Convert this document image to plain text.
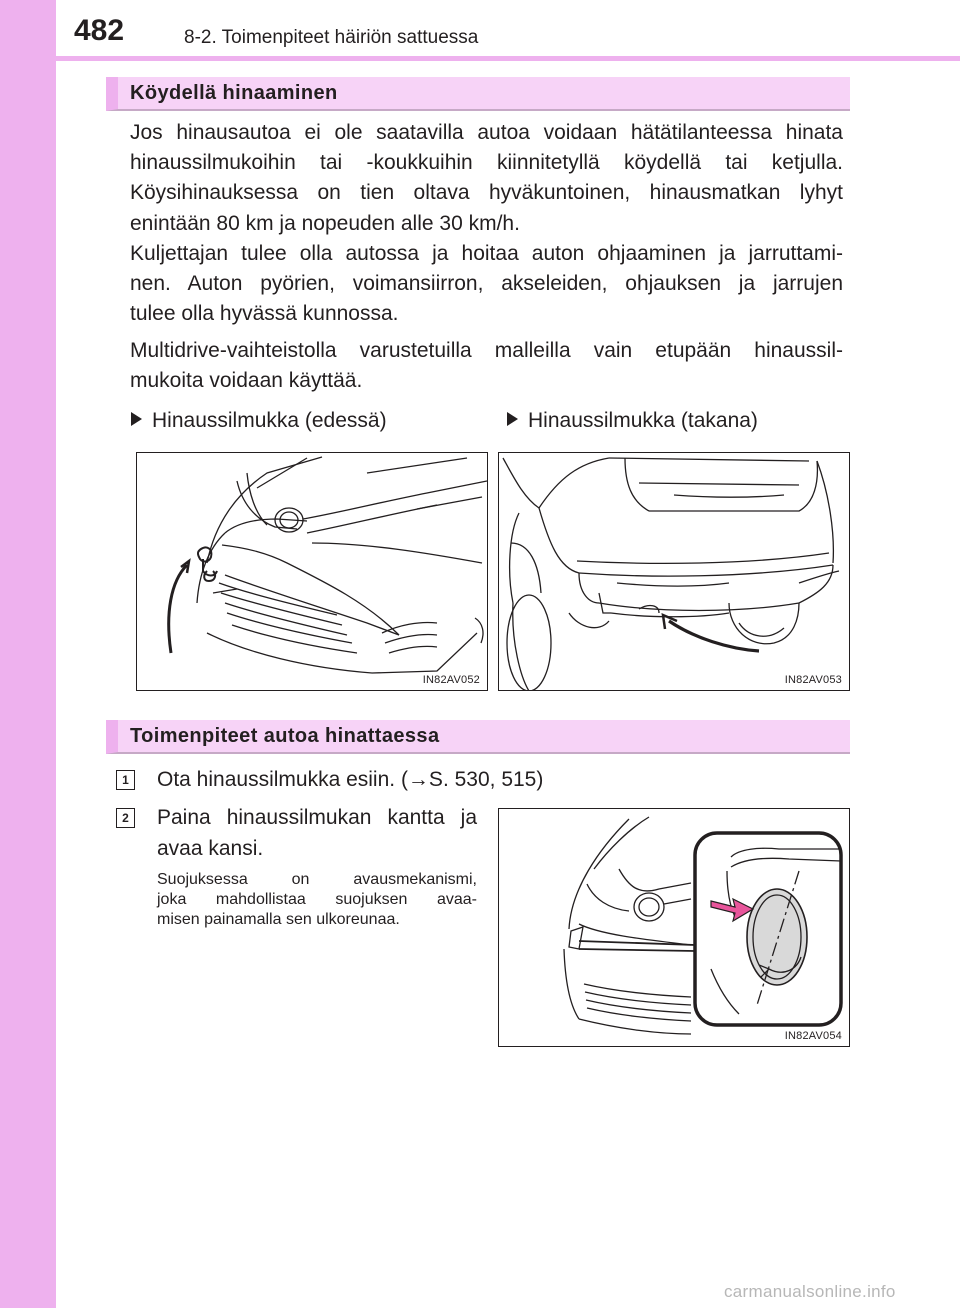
482	8-2. Toimenpiteet häiriön sattuessa
Köydellä hinaaminen
Jos hinausautoa ei ole saatavilla autoa voidaan hätätilanteessa hinata
hinaussilmukoihin tai -koukkuihin kiinnitetyllä köydellä tai ketjulla.
Köysihinauksessa on tien oltava hyväkuntoinen, hinausmatkan lyhyt
enintään 80 km ja nopeuden alle 30 km/h.
Kuljettajan tulee olla autossa ja hoitaa auton ohjaaminen ja jarruttami-
nen. Auton pyörien, voimansiirron, akseleiden, ohjauksen ja jarrujen
tulee olla hyvässä kunnossa.
Multidrive-vaihteistolla varustetuilla malleilla vain etupään hinaussil-
mukoita voidaan käyttää.
Hinaussilmukka (edessä)	Hinaussilmukka (takana)
IN82AV052	IN82AV053
Toimenpiteet autoa hinattaessa
1 Ota hinaussilmukka esiin. (→S. 530, 515)
2 Paina hinaussilmukan kantta ja
avaa kansi.
Suojuksessa on avausmekanismi,
joka mahdollistaa suojuksen avaa-
misen painamalla sen ulkoreunaa.
IN82AV054
carmanualsonline.info
